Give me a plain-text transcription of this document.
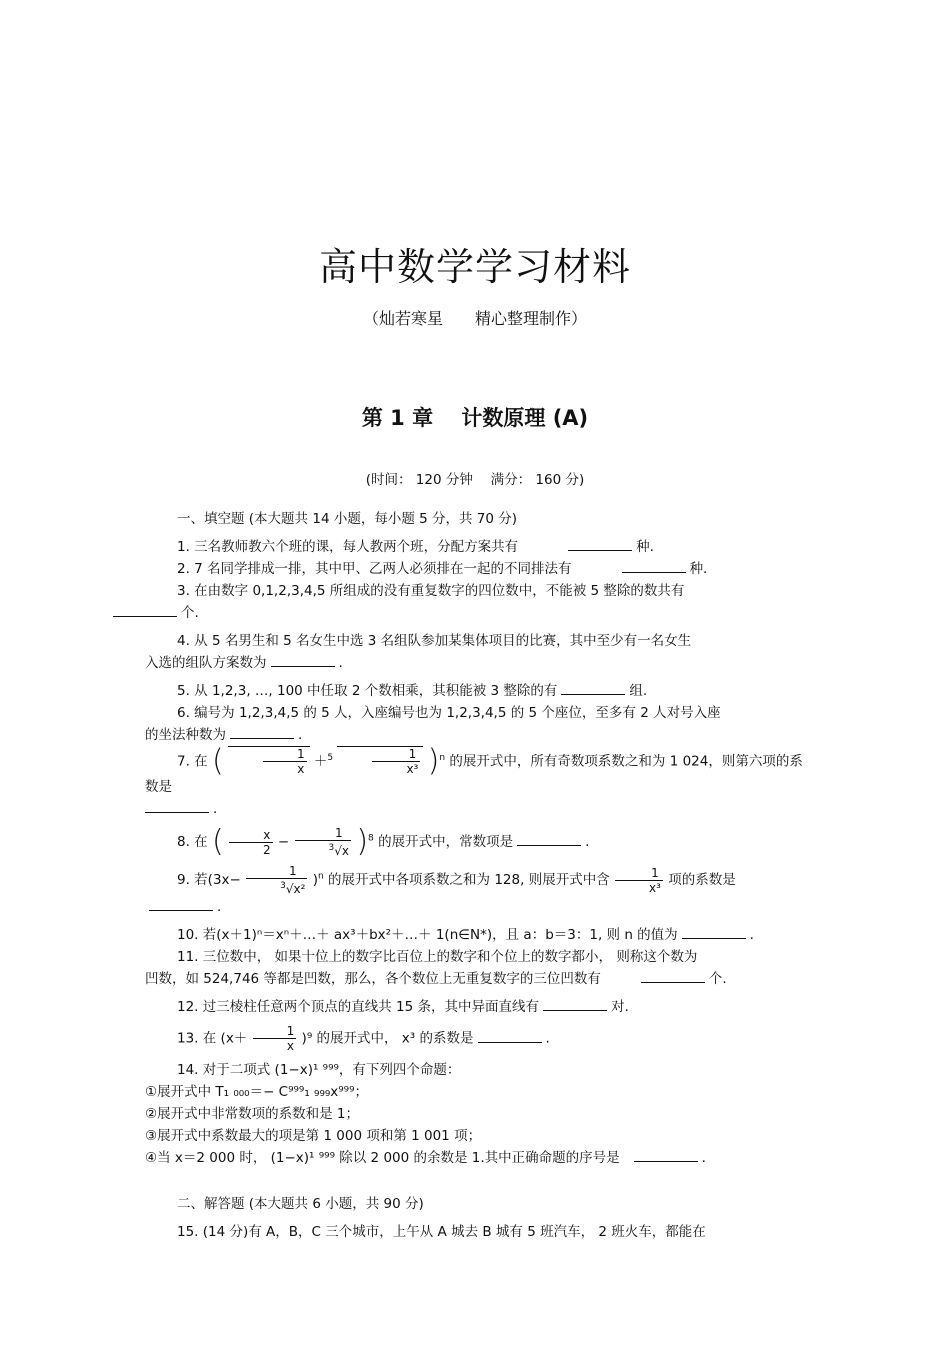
高中数学学习材料
（灿若寒星　　精心整理制作）
第 1 章　 计数原理 (A)
(时间： 120 分钟　 满分： 160 分)

一、填空题 (本大题共 14 小题，每小题 5 分，共 70 分)

1. 三名教师教六个班的课，每人教两个班，分配方案共有	种.

2. 7 名同学排成一排，其中甲、乙两人必须排在一起的不同排法有	种.

3. 在由数字 0,1,2,3,4,5 所组成的没有重复数字的四位数中，不能被 5 整除的数共有
个.

4. 从 5 名男生和 5 名女生中选 3 名组队参加某集体项目的比赛，其中至少有一名女生

入选的组队方案数为	.

5. 从 1,2,3, …, 100 中任取 2 个数相乘，其积能被 3 整除的有	组.

6. 编号为 1,2,3,4,5 的 5 人，入座编号也为 1,2,3,4,5 的 5 个座位，至多有 2 人对号入座

的坐法种数为	.

7. 在 (	$\frac{1}{x} +^5$	$\frac{1}{\text{x³}} )^n$ 的展开式中，所有奇数项系数之和为 1 024，则第六项的系数是

.

8. 在 ( $\frac{x}{2} - \frac{1}{^3√x} )^8$ 的展开式中，常数项是	.

9. 若$(3x- \frac{1}{^3√x^2} )^n$ 的展开式中各项系数之和为 128, 则展开式中含 $\frac{1}{\text{x³}}$ 项的系数是.

10. 若(x＋1)ⁿ＝xⁿ＋…＋ ax³＋bx²＋…＋ 1(n∈N*)，且 a：b＝3：1, 则 n 的值为	.

11. 三位数中， 如果十位上的数字比百位上的数字和个位上的数字都小， 则称这个数为

凹数，如 524,746 等都是凹数，那么，各个数位上无重复数字的三位凹数有	个.

12. 过三棱柱任意两个顶点的直线共 15 条，其中异面直线有	对.

13. 在 $(x+ \frac{1}{x} )^9$ 的展开式中， x³ 的系数是	.

14. 对于二项式 (1−x)¹ ⁹⁹⁹，有下列四个命题：

①展开式中 T₁ ₀₀₀＝− C⁹⁹⁹₁ ₉₉₉x⁹⁹⁹；

②展开式中非常数项的系数和是 1；

③展开式中系数最大的项是第 1 000 项和第 1 001 项；

④当 x＝2 000 时， (1−x)¹ ⁹⁹⁹ 除以 2 000 的余数是 1.其中正确命题的序号是	.

二、解答题 (本大题共 6 小题，共 90 分)

15. (14 分)有 A，B，C 三个城市，上午从 A 城去 B 城有 5 班汽车， 2 班火车，都能在
